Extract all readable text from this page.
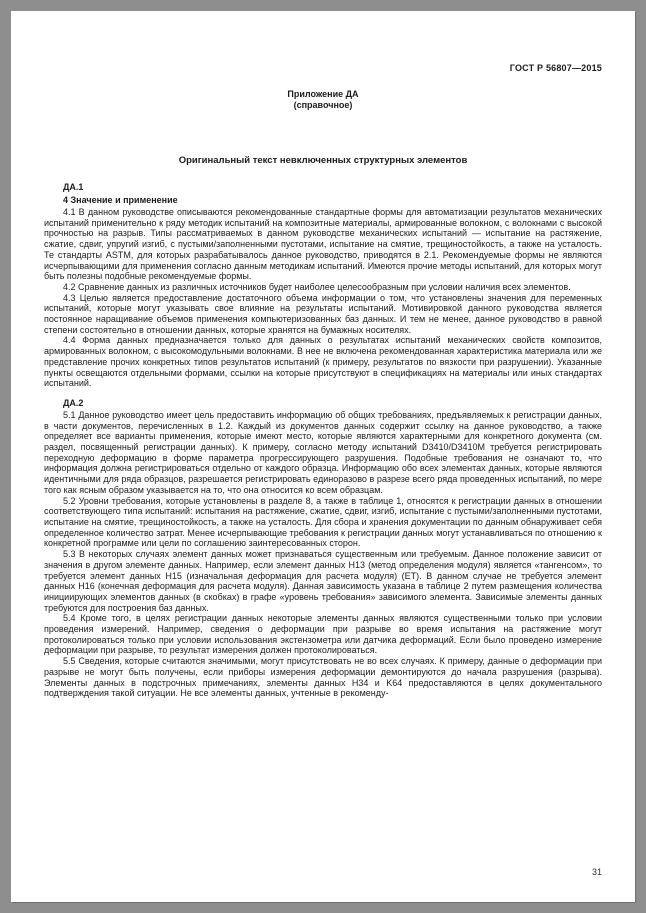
ГОСТ Р 56807—2015
Приложение ДА
(справочное)
Оригинальный текст невключенных структурных элементов
ДА.1
4 Значение и применение

4.1 В данном руководстве описываются рекомендованные стандартные формы для автоматизации результатов механических испытаний применительно к ряду методик испытаний на композитные материалы, армированные волокном, с волокнами с высокой прочностью на разрыв. Типы рассматриваемых в данном руководстве механических испытаний — испытание на растяжение, сжатие, сдвиг, упругий изгиб, с пустыми/заполненными пустотами, испытание на смятие, трещиностойкость, а также на усталость. Те стандарты ASTM, для которых разрабатывалось данное руководство, приводятся в 2.1. Рекомендуемые формы не являются исчерпывающими для применения согласно данным методикам испытаний. Имеются прочие методы испытаний, для которых могут быть полезны подобные рекомендуемые формы.

4.2 Сравнение данных из различных источников будет наиболее целесообразным при условии наличия всех элементов.

4.3 Целью является предоставление достаточного объема информации о том, что установлены значения для переменных испытаний, которые могут указывать свое влияние на результаты испытаний. Мотивировкой данного руководства является постоянное наращивание объемов применения компьютеризованных баз данных. И тем не менее, данное руководство в равной степени состоятельно в отношении данных, которые хранятся на бумажных носителях.

4.4 Форма данных предназначается только для данных о результатах испытаний механических свойств композитов, армированных волокном, с высокомодульными волокнами. В нее не включена рекомендованная характеристика материала или же представление прочих конкретных типов результатов испытаний (к примеру, результатов по вязкости при разрушении). Указанные пункты освещаются отдельными формами, ссылки на которые присутствуют в спецификациях на материалы или иных стандартах испытаний.

ДА.2

5.1 Данное руководство имеет цель предоставить информацию об общих требованиях, предъявляемых к регистрации данных, в части документов, перечисленных в 1.2. Каждый из документов данных содержит ссылку на данное руководство, а также определяет все варианты применения, которые имеют место, которые являются характерными для конкретного документа (см. раздел, посвященный регистрации данных). К примеру, согласно методу испытаний D3410/D3410M требуется регистрировать переходную деформацию в форме параметра прогрессирующего разрушения. Подобные требования не означают то, что информация должна регистрироваться отдельно от каждого образца. Информацию обо всех элементах данных, которые являются идентичными для ряда образцов, разрешается регистрировать единоразово в разрезе всего ряда проведенных испытаний, по мере того как ясным образом указывается на то, что она относится ко всем образцам.

5.2 Уровни требования, которые установлены в разделе 8, а также в таблице 1, относятся к регистрации данных в отношении соответствующего типа испытаний: испытания на растяжение, сжатие, сдвиг, изгиб, испытание с пустыми/заполненными пустотами, испытание на смятие, трещиностойкость, а также на усталость. Для сбора и хранения документации по данным обнаруживает себя определенное количество затрат. Менее исчерпывающие требования к регистрации данных могут устанавливаться по отношению к конкретной программе или цели по соглашению заинтересованных сторон.

5.3 В некоторых случаях элемент данных может признаваться существенным или требуемым. Данное положение зависит от значения в другом элементе данных. Например, если элемент данных H13 (метод определения модуля) является «тангенсом», то требуется элемент данных H15 (изначальная деформация для расчета модуля) (ЕТ). В данном случае не требуется элемент данных H16 (конечная деформация для расчета модуля). Данная зависимость указана в таблице 2 путем размещения количества инициирующих элементов данных (в скобках) в графе «уровень требования» зависимого элемента. Зависимые элементы данных требуются для построения баз данных.

5.4 Кроме того, в целях регистрации данных некоторые элементы данных являются существенными только при условии проведения измерений. Например, сведения о деформации при разрыве во время испытания на растяжение могут протоколироваться только при условии использования экстензометра или датчика деформаций. Если было проведено измерение деформации при разрыве, то результат измерения должен протоколироваться.

5.5 Сведения, которые считаются значимыми, могут присутствовать не во всех случаях. К примеру, данные о деформации при разрыве не могут быть получены, если приборы измерения деформации демонтируются до начала разрушения (разрыва). Элементы данных в подстрочных примечаниях, элементы данных H34 и K64 предоставляются в целях документального подтверждения такой ситуации. Не все элементы данных, учтенные в рекоменду-

31
